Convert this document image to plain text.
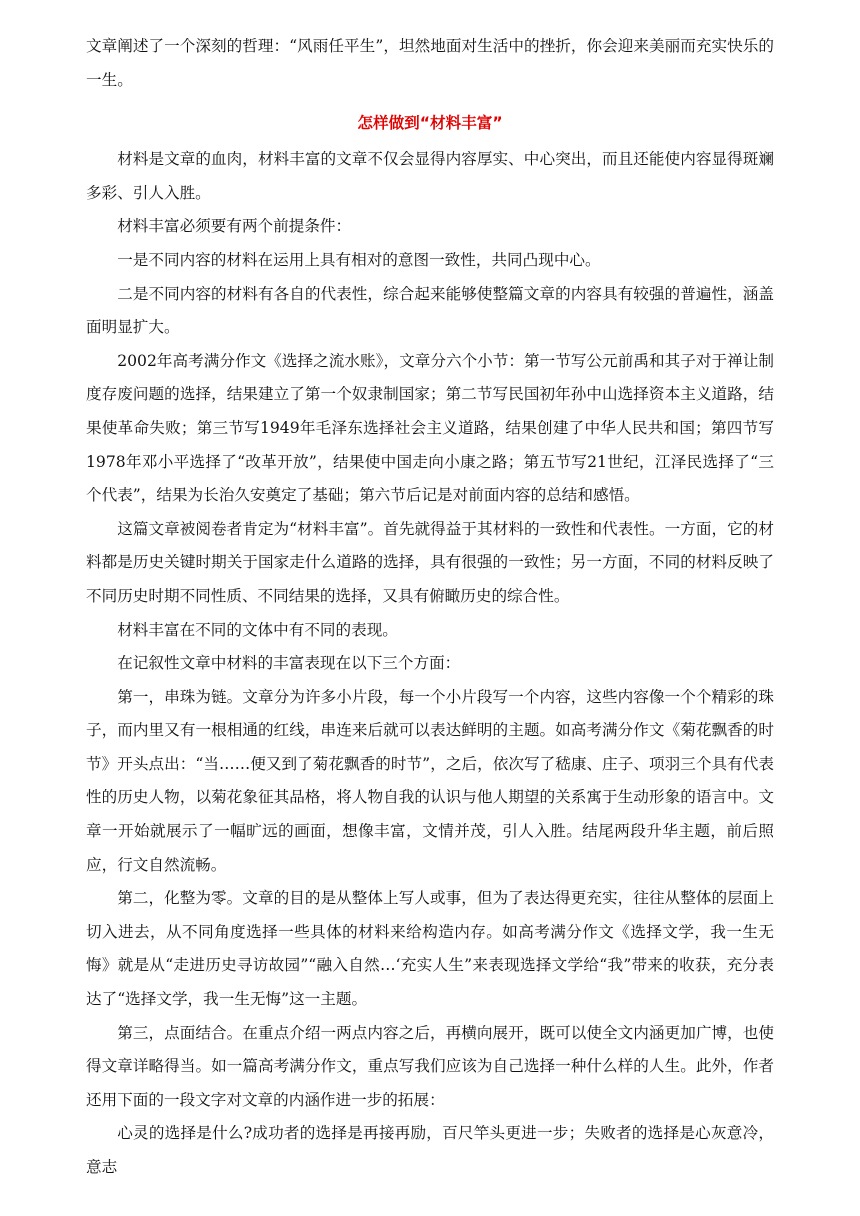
文章阐述了一个深刻的哲理：“风雨任平生”，坦然地面对生活中的挫折，你会迎来美丽而充实快乐的一生。

怎样做到“材料丰富”

材料是文章的血肉，材料丰富的文章不仅会显得内容厚实、中心突出，而且还能使内容显得斑斓多彩、引人入胜。

材料丰富必须要有两个前提条件：

一是不同内容的材料在运用上具有相对的意图一致性，共同凸现中心。

二是不同内容的材料有各自的代表性，综合起来能够使整篇文章的内容具有较强的普遍性，涵盖面明显扩大。

2002年高考满分作文《选择之流水账》，文章分六个小节：第一节写公元前禹和其子对于禅让制度存废问题的选择，结果建立了第一个奴隶制国家；第二节写民国初年孙中山选择资本主义道路，结果使革命失败；第三节写1949年毛泽东选择社会主义道路，结果创建了中华人民共和国；第四节写1978年邓小平选择了“改革开放”，结果使中国走向小康之路；第五节写21世纪，江泽民选择了“三个代表”，结果为长治久安奠定了基础；第六节后记是对前面内容的总结和感悟。

这篇文章被阅卷者肯定为“材料丰富”。首先就得益于其材料的一致性和代表性。一方面，它的材料都是历史关键时期关于国家走什么道路的选择，具有很强的一致性；另一方面，不同的材料反映了不同历史时期不同性质、不同结果的选择，又具有俯瞰历史的综合性。

材料丰富在不同的文体中有不同的表现。

在记叙性文章中材料的丰富表现在以下三个方面：

第一，串珠为链。文章分为许多小片段，每一个小片段写一个内容，这些内容像一个个精彩的珠子，而内里又有一根相通的红线，串连来后就可以表达鲜明的主题。如高考满分作文《菊花飘香的时节》开头点出：“当……便又到了菊花飘香的时节”，之后，依次写了嵇康、庄子、项羽三个具有代表性的历史人物，以菊花象征其品格，将人物自我的认识与他人期望的关系寓于生动形象的语言中。文章一开始就展示了一幅旷远的画面，想像丰富，文情并茂，引人入胜。结尾两段升华主题，前后照应，行文自然流畅。

第二，化整为零。文章的目的是从整体上写人或事，但为了表达得更充实，往往从整体的层面上切入进去，从不同角度选择一些具体的材料来给构造内存。如高考满分作文《选择文学，我一生无悔》就是从“走进历史寻访故园”“融入自然…‘充实人生”来表现选择文学给“我”带来的收获，充分表达了“选择文学，我一生无悔”这一主题。

第三，点面结合。在重点介绍一两点内容之后，再横向展开，既可以使全文内涵更加广博，也使得文章详略得当。如一篇高考满分作文，重点写我们应该为自己选择一种什么样的人生。此外，作者还用下面的一段文字对文章的内涵作进一步的拓展：

心灵的选择是什么?成功者的选择是再接再励，百尺竿头更进一步；失败者的选择是心灰意冷，意志
